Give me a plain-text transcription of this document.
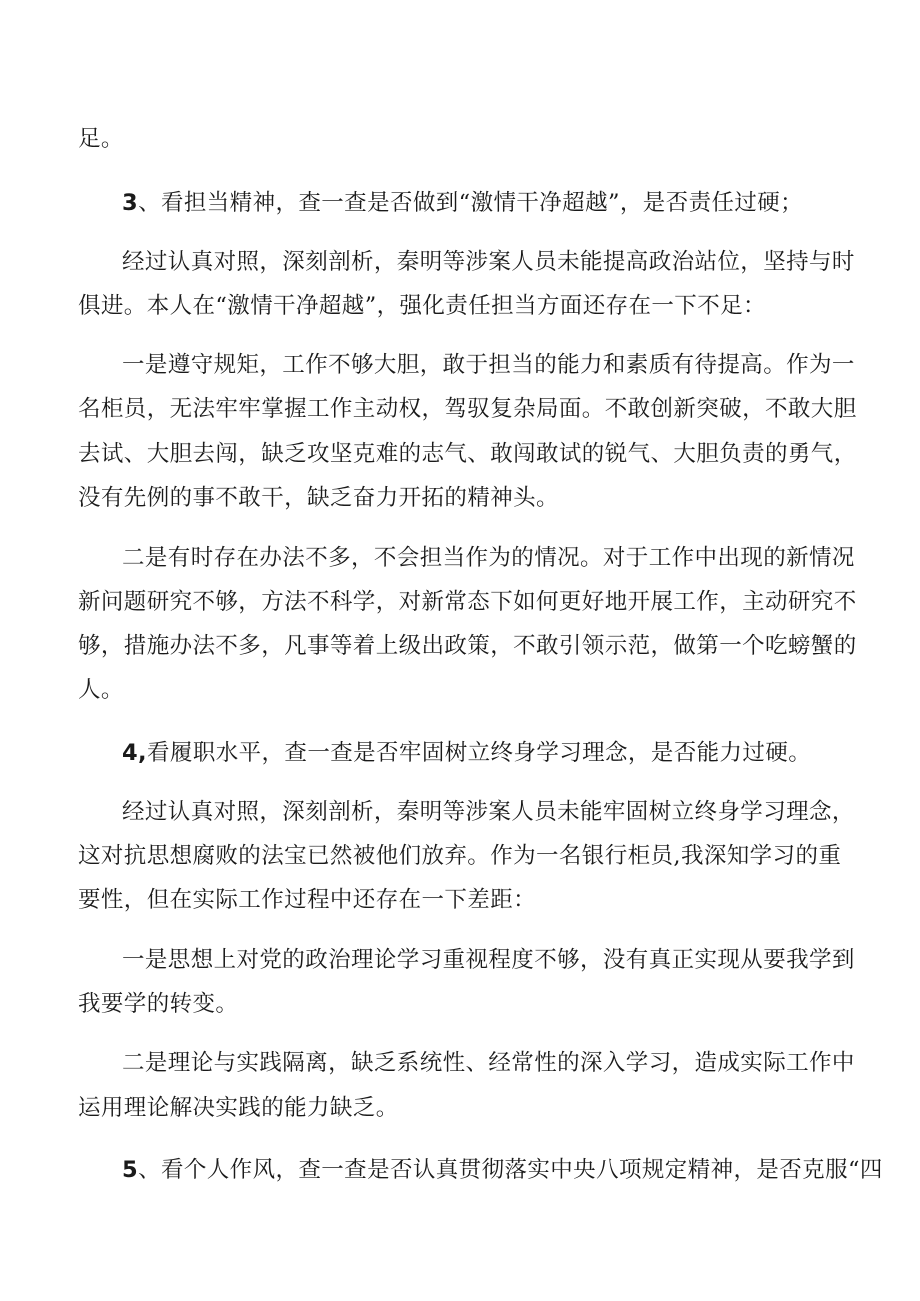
足。
3、看担当精神，查一查是否做到“激情干净超越”，是否责任过硬；
经过认真对照，深刻剖析，秦明等涉案人员未能提高政治站位，坚持与时
俱进。本人在“激情干净超越”，强化责任担当方面还存在一下不足：
一是遵守规矩，工作不够大胆，敢于担当的能力和素质有待提高。作为一
名柜员，无法牢牢掌握工作主动权，驾驭复杂局面。不敢创新突破，不敢大胆
去试、大胆去闯，缺乏攻坚克难的志气、敢闯敢试的锐气、大胆负责的勇气，
没有先例的事不敢干，缺乏奋力开拓的精神头。
二是有时存在办法不多，不会担当作为的情况。对于工作中出现的新情况
新问题研究不够，方法不科学，对新常态下如何更好地开展工作，主动研究不
够，措施办法不多，凡事等着上级出政策，不敢引领示范，做第一个吃螃蟹的
人。
4,看履职水平，查一查是否牢固树立终身学习理念，是否能力过硬。
经过认真对照，深刻剖析，秦明等涉案人员未能牢固树立终身学习理念，
这对抗思想腐败的法宝已然被他们放弃。作为一名银行柜员,我深知学习的重
要性，但在实际工作过程中还存在一下差距：
一是思想上对党的政治理论学习重视程度不够，没有真正实现从要我学到
我要学的转变。
二是理论与实践隔离，缺乏系统性、经常性的深入学习，造成实际工作中
运用理论解决实践的能力缺乏。
5、看个人作风，查一查是否认真贯彻落实中央八项规定精神，是否克服“四
